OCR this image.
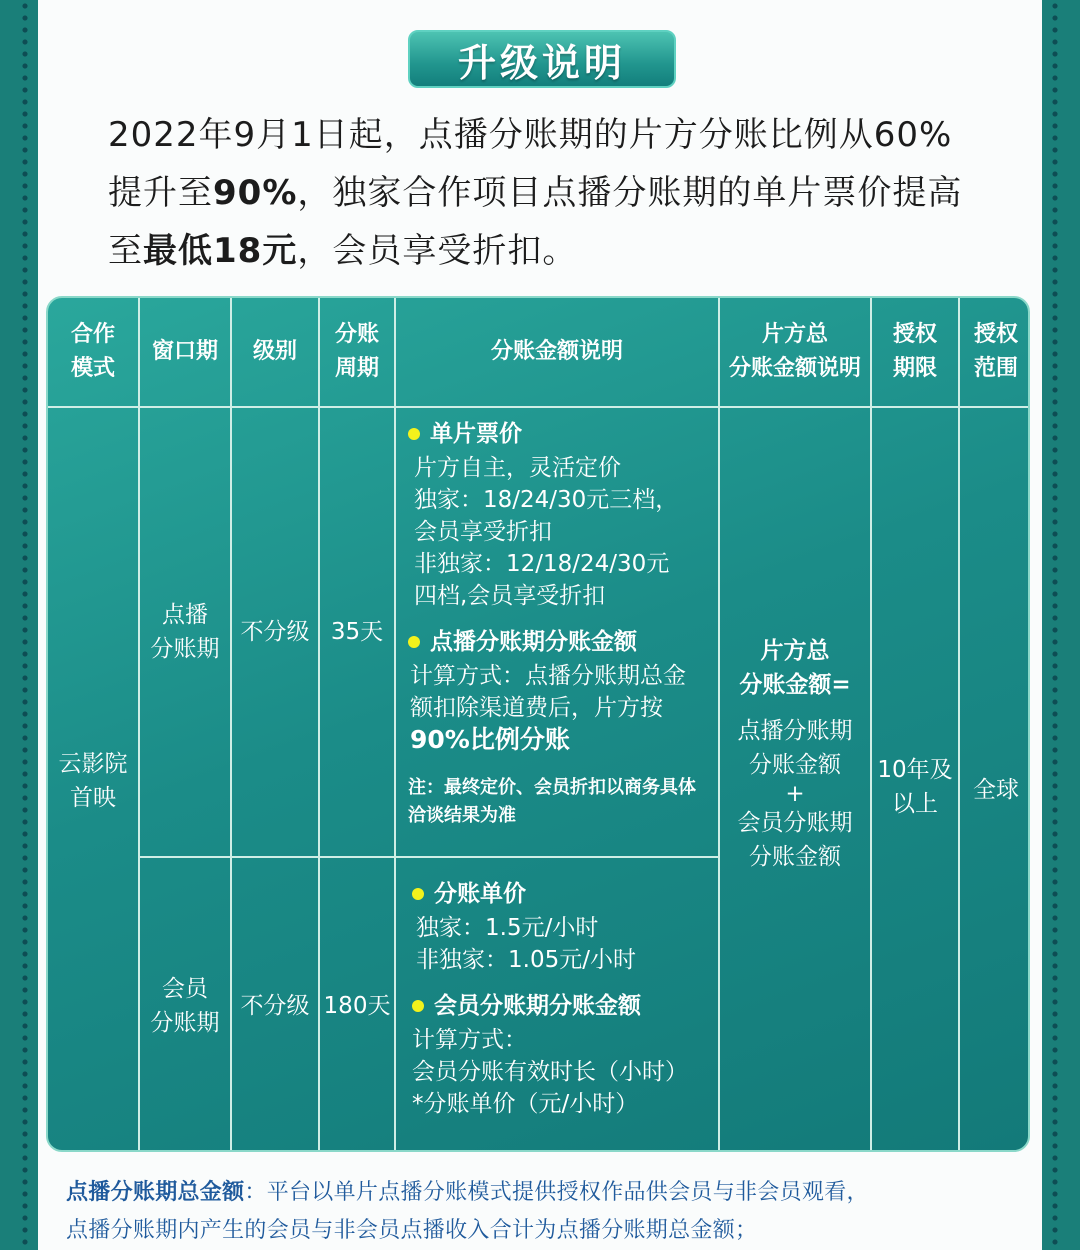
升级说明
2022年9月1日起，点播分账期的片方分账比例从60%
提升至90%，独家合作项目点播分账期的单片票价提高
至最低18元，会员享受折扣。
合作
模式
窗口期	级别
分账
周期
分账金额说明
片方总
分账金额说明
授权
期限
授权
范围
云影院
首映
点播
分账期
不分级 35天
单片票价
片方自主，灵活定价
独家：18/24/30元三档，
会员享受折扣
非独家：12/18/24/30元
四档,会员享受折扣
点播分账期分账金额
计算方式：点播分账期总金
额扣除渠道费后，片方按
90%比例分账
注：最终定价、会员折扣以商务具体
洽谈结果为准
会员
分账期
不分级 180天
分账单价
独家：1.5元/小时
非独家：1.05元/小时
会员分账期分账金额
计算方式：
会员分账有效时长（小时）
*分账单价（元/小时）
片方总
分账金额=
点播分账期
分账金额
+
会员分账期
分账金额
10年及
以上
全球
点播分账期总金额：平台以单片点播分账模式提供授权作品供会员与非会员观看，
点播分账期内产生的会员与非会员点播收入合计为点播分账期总金额；
